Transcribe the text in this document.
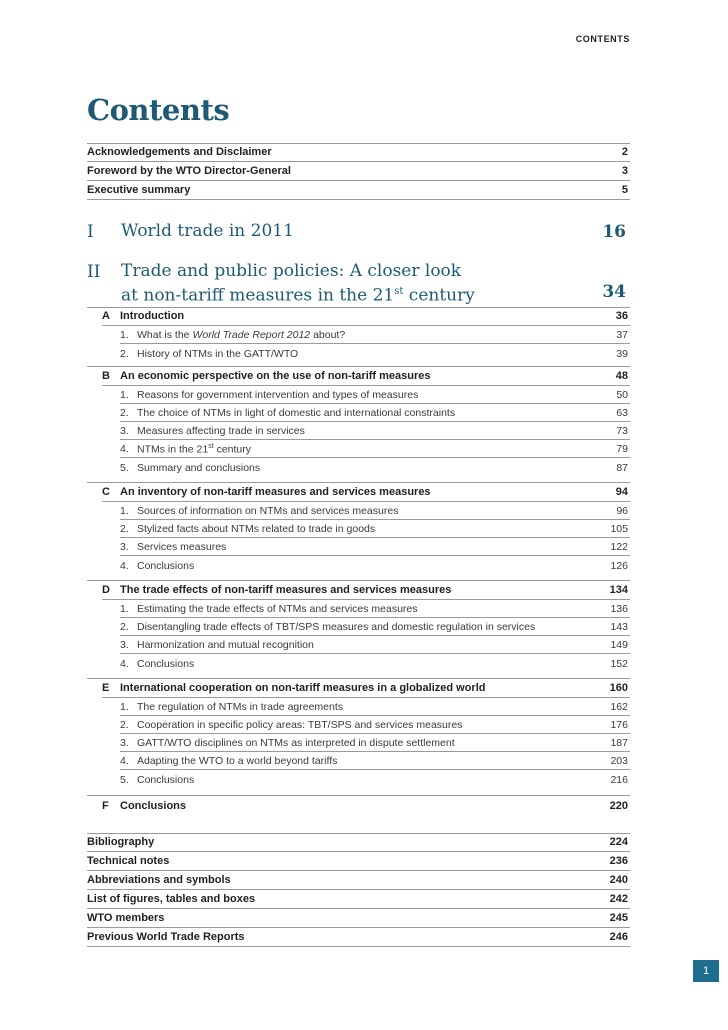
CONTENTS
Contents
Acknowledgements and Disclaimer	2
Foreword by the WTO Director-General	3
Executive summary	5
I World trade in 2011	16
II Trade and public policies: A closer look
at non-tariff measures in the 21st century	34
A Introduction	36
1. What is the World Trade Report 2012 about?	37
2. History of NTMs in the GATT/WTO	39
B An economic perspective on the use of non-tariff measures	48
1. Reasons for government intervention and types of measures	50
2. The choice of NTMs in light of domestic and international constraints	63
3. Measures affecting trade in services	73
4. NTMs in the 21st century	79
5. Summary and conclusions	87
C An inventory of non-tariff measures and services measures	94
1. Sources of information on NTMs and services measures	96
2. Stylized facts about NTMs related to trade in goods	105
3. Services measures	122
4. Conclusions	126
D The trade effects of non-tariff measures and services measures	134
1. Estimating the trade effects of NTMs and services measures	136
2. Disentangling trade effects of TBT/SPS measures and domestic regulation in services	143
3. Harmonization and mutual recognition	149
4. Conclusions	152
E International cooperation on non-tariff measures in a globalized world	160
1. The regulation of NTMs in trade agreements	162
2. Cooperation in specific policy areas: TBT/SPS and services measures	176
3. GATT/WTO disciplines on NTMs as interpreted in dispute settlement	187
4. Adapting the WTO to a world beyond tariffs	203
5. Conclusions	216
F Conclusions	220
Bibliography	224
Technical notes	236
Abbreviations and symbols	240
List of figures, tables and boxes	242
WTO members	245
Previous World Trade Reports	246
1
